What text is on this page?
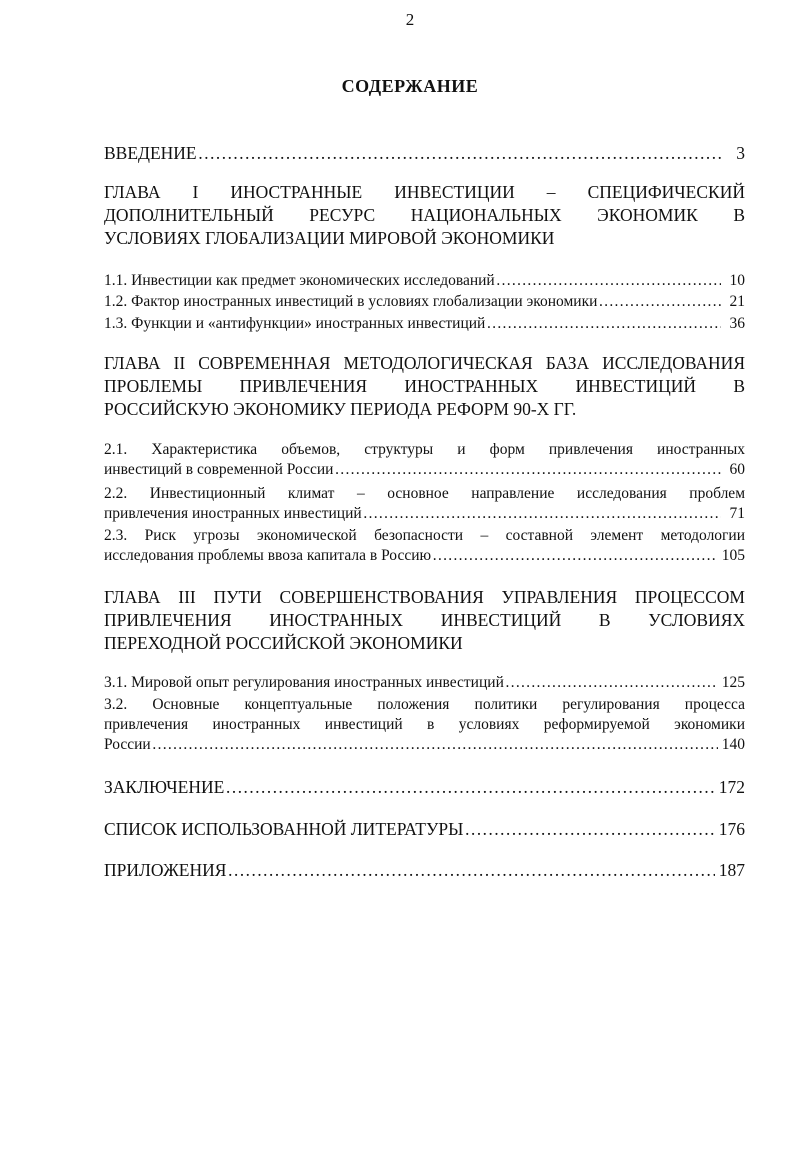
2
СОДЕРЖАНИЕ
ВВЕДЕНИЕ ……………………………………………………………………………………………………………………………………………	3
ГЛАВА I ИНОСТРАННЫЕ ИНВЕСТИЦИИ – СПЕЦИФИЧЕСКИЙ
ДОПОЛНИТЕЛЬНЫЙ РЕСУРС НАЦИОНАЛЬНЫХ ЭКОНОМИК В
УСЛОВИЯХ ГЛОБАЛИЗАЦИИ МИРОВОЙ ЭКОНОМИКИ
1.1. Инвестиции как предмет экономических исследований ……………………………………………………………………………………………………………………………………………	10
1.2. Фактор иностранных инвестиций в условиях глобализации экономики ……………………………………………………………………………………………………………………………………………	21
1.3. Функции и «антифункции» иностранных инвестиций ……………………………………………………………………………………………………………………………………………	36
ГЛАВА II СОВРЕМЕННАЯ МЕТОДОЛОГИЧЕСКАЯ БАЗА ИССЛЕДОВАНИЯ
ПРОБЛЕМЫ ПРИВЛЕЧЕНИЯ ИНОСТРАННЫХ ИНВЕСТИЦИЙ В
РОССИЙСКУЮ ЭКОНОМИКУ ПЕРИОДА РЕФОРМ 90-Х ГГ.
2.1. Характеристика объемов, структуры и форм привлечения иностранных
инвестиций в современной России ……………………………………………………………………………………………………………………………………………	60
2.2. Инвестиционный климат – основное направление исследования проблем
привлечения иностранных инвестиций ……………………………………………………………………………………………………………………………………………	71
2.3. Риск угрозы экономической безопасности – составной элемент методологии
исследования проблемы ввоза капитала в Россию ……………………………………………………………………………………………………………………………………………	105
ГЛАВА III ПУТИ СОВЕРШЕНСТВОВАНИЯ УПРАВЛЕНИЯ ПРОЦЕССОМ
ПРИВЛЕЧЕНИЯ ИНОСТРАННЫХ ИНВЕСТИЦИЙ В УСЛОВИЯХ
ПЕРЕХОДНОЙ РОССИЙСКОЙ ЭКОНОМИКИ
3.1. Мировой опыт регулирования иностранных инвестиций ……………………………………………………………………………………………………………………………………………	125
3.2. Основные концептуальные положения политики регулирования процесса
привлечения иностранных инвестиций в условиях реформируемой экономики
России ……………………………………………………………………………………………………………………………………………	140
ЗАКЛЮЧЕНИЕ ……………………………………………………………………………………………………………………………………………	172
СПИСОК ИСПОЛЬЗОВАННОЙ ЛИТЕРАТУРЫ ……………………………………………………………………………………………………………………………………………	176
ПРИЛОЖЕНИЯ ……………………………………………………………………………………………………………………………………………	187
